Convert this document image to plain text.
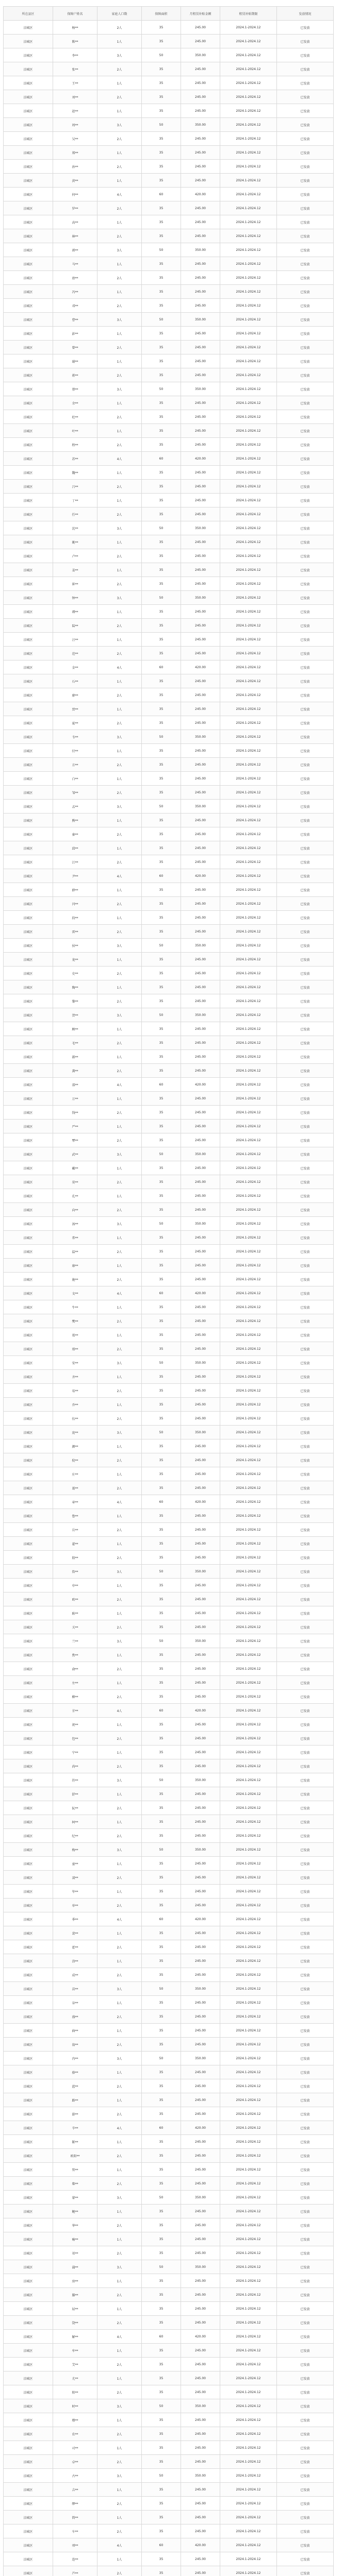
所在县区	保障户姓名	家庭人口数	保障面积	月租赁补贴金额	租赁补贴期限	发放情况
涪城区	杨**	2人	35	245.00	2024.1-2024.12	已发放
涪城区	陈**	1人	35	245.00	2024.1-2024.12	已发放
涪城区	李**	3人	50	350.00	2024.1-2024.12	已发放
涪城区	张**	2人	35	245.00	2024.1-2024.12	已发放
涪城区	王**	1人	35	245.00	2024.1-2024.12	已发放
涪城区	刘**	2人	35	245.00	2024.1-2024.12	已发放
涪城区	赵**	1人	35	245.00	2024.1-2024.12	已发放
涪城区	周**	3人	50	350.00	2024.1-2024.12	已发放
涪城区	吴**	2人	35	245.00	2024.1-2024.12	已发放
涪城区	郑**	1人	35	245.00	2024.1-2024.12	已发放
涪城区	孙**	2人	35	245.00	2024.1-2024.12	已发放
涪城区	黄**	1人	35	245.00	2024.1-2024.12	已发放
涪城区	何**	4人	60	420.00	2024.1-2024.12	已发放
涪城区	罗**	2人	35	245.00	2024.1-2024.12	已发放
涪城区	高**	1人	35	245.00	2024.1-2024.12	已发放
涪城区	林**	2人	35	245.00	2024.1-2024.12	已发放
涪城区	郭**	3人	50	350.00	2024.1-2024.12	已发放
涪城区	马**	1人	35	245.00	2024.1-2024.12	已发放
涪城区	唐**	2人	35	245.00	2024.1-2024.12	已发放
涪城区	冯**	1人	35	245.00	2024.1-2024.12	已发放
涪城区	邓**	2人	35	245.00	2024.1-2024.12	已发放
涪城区	曹**	3人	50	350.00	2024.1-2024.12	已发放
涪城区	彭**	1人	35	245.00	2024.1-2024.12	已发放
涪城区	曾**	2人	35	245.00	2024.1-2024.12	已发放
涪城区	谢**	1人	35	245.00	2024.1-2024.12	已发放
涪城区	蒋**	2人	35	245.00	2024.1-2024.12	已发放
涪城区	蔡**	3人	50	350.00	2024.1-2024.12	已发放
涪城区	余**	1人	35	245.00	2024.1-2024.12	已发放
涪城区	杜**	2人	35	245.00	2024.1-2024.12	已发放
涪城区	叶**	1人	35	245.00	2024.1-2024.12	已发放
涪城区	程**	2人	35	245.00	2024.1-2024.12	已发放
涪城区	苏**	4人	60	420.00	2024.1-2024.12	已发放
涪城区	魏**	1人	35	245.00	2024.1-2024.12	已发放
涪城区	吕**	2人	35	245.00	2024.1-2024.12	已发放
涪城区	丁**	1人	35	245.00	2024.1-2024.12	已发放
涪城区	任**	2人	35	245.00	2024.1-2024.12	已发放
涪城区	沈**	3人	50	350.00	2024.1-2024.12	已发放
涪城区	姚**	1人	35	245.00	2024.1-2024.12	已发放
涪城区	卢**	2人	35	245.00	2024.1-2024.12	已发放
涪城区	姜**	1人	35	245.00	2024.1-2024.12	已发放
涪城区	崔**	2人	35	245.00	2024.1-2024.12	已发放
涪城区	钟**	3人	50	350.00	2024.1-2024.12	已发放
涪城区	谭**	1人	35	245.00	2024.1-2024.12	已发放
涪城区	陆**	2人	35	245.00	2024.1-2024.12	已发放
涪城区	汪**	1人	35	245.00	2024.1-2024.12	已发放
涪城区	范**	2人	35	245.00	2024.1-2024.12	已发放
涪城区	金**	4人	60	420.00	2024.1-2024.12	已发放
涪城区	石**	1人	35	245.00	2024.1-2024.12	已发放
涪城区	廖**	2人	35	245.00	2024.1-2024.12	已发放
涪城区	贾**	1人	35	245.00	2024.1-2024.12	已发放
涪城区	夏**	2人	35	245.00	2024.1-2024.12	已发放
涪城区	韦**	3人	50	350.00	2024.1-2024.12	已发放
涪城区	付**	1人	35	245.00	2024.1-2024.12	已发放
涪城区	方**	2人	35	245.00	2024.1-2024.12	已发放
涪城区	白**	1人	35	245.00	2024.1-2024.12	已发放
涪城区	邹**	2人	35	245.00	2024.1-2024.12	已发放
涪城区	孟**	3人	50	350.00	2024.1-2024.12	已发放
涪城区	熊**	1人	35	245.00	2024.1-2024.12	已发放
涪城区	秦**	2人	35	245.00	2024.1-2024.12	已发放
涪城区	邱**	1人	35	245.00	2024.1-2024.12	已发放
涪城区	江**	2人	35	245.00	2024.1-2024.12	已发放
涪城区	尹**	4人	60	420.00	2024.1-2024.12	已发放
涪城区	薛**	1人	35	245.00	2024.1-2024.12	已发放
涪城区	闫**	2人	35	245.00	2024.1-2024.12	已发放
涪城区	段**	1人	35	245.00	2024.1-2024.12	已发放
涪城区	雷**	2人	35	245.00	2024.1-2024.12	已发放
涪城区	侯**	3人	50	350.00	2024.1-2024.12	已发放
涪城区	龙**	1人	35	245.00	2024.1-2024.12	已发放
涪城区	史**	2人	35	245.00	2024.1-2024.12	已发放
涪城区	陶**	1人	35	245.00	2024.1-2024.12	已发放
涪城区	黎**	2人	35	245.00	2024.1-2024.12	已发放
涪城区	贺**	3人	50	350.00	2024.1-2024.12	已发放
涪城区	顾**	1人	35	245.00	2024.1-2024.12	已发放
涪城区	毛**	2人	35	245.00	2024.1-2024.12	已发放
涪城区	郝**	1人	35	245.00	2024.1-2024.12	已发放
涪城区	龚**	2人	35	245.00	2024.1-2024.12	已发放
涪城区	邵**	4人	60	420.00	2024.1-2024.12	已发放
涪城区	万**	1人	35	245.00	2024.1-2024.12	已发放
涪城区	钱**	2人	35	245.00	2024.1-2024.12	已发放
涪城区	严**	1人	35	245.00	2024.1-2024.12	已发放
涪城区	覃**	2人	35	245.00	2024.1-2024.12	已发放
涪城区	武**	3人	50	350.00	2024.1-2024.12	已发放
涪城区	戴**	1人	35	245.00	2024.1-2024.12	已发放
涪城区	莫**	2人	35	245.00	2024.1-2024.12	已发放
涪城区	孔**	1人	35	245.00	2024.1-2024.12	已发放
涪城区	向**	2人	35	245.00	2024.1-2024.12	已发放
涪城区	汤**	3人	50	350.00	2024.1-2024.12	已发放
涪城区	常**	1人	35	245.00	2024.1-2024.12	已发放
涪城区	温**	2人	35	245.00	2024.1-2024.12	已发放
涪城区	康**	1人	35	245.00	2024.1-2024.12	已发放
涪城区	施**	2人	35	245.00	2024.1-2024.12	已发放
涪城区	文**	4人	60	420.00	2024.1-2024.12	已发放
涪城区	牛**	1人	35	245.00	2024.1-2024.12	已发放
涪城区	樊**	2人	35	245.00	2024.1-2024.12	已发放
涪城区	葛**	1人	35	245.00	2024.1-2024.12	已发放
涪城区	邢**	2人	35	245.00	2024.1-2024.12	已发放
涪城区	安**	3人	50	350.00	2024.1-2024.12	已发放
涪城区	齐**	1人	35	245.00	2024.1-2024.12	已发放
涪城区	易**	2人	35	245.00	2024.1-2024.12	已发放
涪城区	乔**	1人	35	245.00	2024.1-2024.12	已发放
涪城区	伍**	2人	35	245.00	2024.1-2024.12	已发放
涪城区	庞**	3人	50	350.00	2024.1-2024.12	已发放
涪城区	颜**	1人	35	245.00	2024.1-2024.12	已发放
涪城区	倪**	2人	35	245.00	2024.1-2024.12	已发放
涪城区	庄**	1人	35	245.00	2024.1-2024.12	已发放
涪城区	聂**	2人	35	245.00	2024.1-2024.12	已发放
涪城区	章**	4人	60	420.00	2024.1-2024.12	已发放
涪城区	鲁**	1人	35	245.00	2024.1-2024.12	已发放
涪城区	岳**	2人	35	245.00	2024.1-2024.12	已发放
涪城区	翟**	1人	35	245.00	2024.1-2024.12	已发放
涪城区	殷**	2人	35	245.00	2024.1-2024.12	已发放
涪城区	詹**	3人	50	350.00	2024.1-2024.12	已发放
涪城区	申**	1人	35	245.00	2024.1-2024.12	已发放
涪城区	欧**	2人	35	245.00	2024.1-2024.12	已发放
涪城区	耿**	1人	35	245.00	2024.1-2024.12	已发放
涪城区	关**	2人	35	245.00	2024.1-2024.12	已发放
涪城区	兰**	3人	50	350.00	2024.1-2024.12	已发放
涪城区	焦**	1人	35	245.00	2024.1-2024.12	已发放
涪城区	俞**	2人	35	245.00	2024.1-2024.12	已发放
涪城区	左**	1人	35	245.00	2024.1-2024.12	已发放
涪城区	柳**	2人	35	245.00	2024.1-2024.12	已发放
涪城区	甘**	4人	60	420.00	2024.1-2024.12	已发放
涪城区	祝**	1人	35	245.00	2024.1-2024.12	已发放
涪城区	包**	2人	35	245.00	2024.1-2024.12	已发放
涪城区	宁**	1人	35	245.00	2024.1-2024.12	已发放
涪城区	尚**	2人	35	245.00	2024.1-2024.12	已发放
涪城区	符**	3人	50	350.00	2024.1-2024.12	已发放
涪城区	舒**	1人	35	245.00	2024.1-2024.12	已发放
涪城区	阮**	2人	35	245.00	2024.1-2024.12	已发放
涪城区	柯**	1人	35	245.00	2024.1-2024.12	已发放
涪城区	纪**	2人	35	245.00	2024.1-2024.12	已发放
涪城区	梅**	3人	50	350.00	2024.1-2024.12	已发放
涪城区	童**	1人	35	245.00	2024.1-2024.12	已发放
涪城区	凌**	2人	35	245.00	2024.1-2024.12	已发放
涪城区	毕**	1人	35	245.00	2024.1-2024.12	已发放
涪城区	单**	2人	35	245.00	2024.1-2024.12	已发放
涪城区	季**	4人	60	420.00	2024.1-2024.12	已发放
涪城区	裴**	1人	35	245.00	2024.1-2024.12	已发放
涪城区	霍**	2人	35	245.00	2024.1-2024.12	已发放
涪城区	涂**	1人	35	245.00	2024.1-2024.12	已发放
涪城区	成**	2人	35	245.00	2024.1-2024.12	已发放
涪城区	苗**	3人	50	350.00	2024.1-2024.12	已发放
涪城区	谷**	1人	35	245.00	2024.1-2024.12	已发放
涪城区	盛**	2人	35	245.00	2024.1-2024.12	已发放
涪城区	曲**	1人	35	245.00	2024.1-2024.12	已发放
涪城区	翁**	2人	35	245.00	2024.1-2024.12	已发放
涪城区	冉**	3人	50	350.00	2024.1-2024.12	已发放
涪城区	骆**	1人	35	245.00	2024.1-2024.12	已发放
涪城区	蓝**	2人	35	245.00	2024.1-2024.12	已发放
涪城区	路**	1人	35	245.00	2024.1-2024.12	已发放
涪城区	游**	2人	35	245.00	2024.1-2024.12	已发放
涪城区	辛**	4人	60	420.00	2024.1-2024.12	已发放
涪城区	靳**	1人	35	245.00	2024.1-2024.12	已发放
涪城区	欧阳**	2人	35	245.00	2024.1-2024.12	已发放
涪城区	管**	1人	35	245.00	2024.1-2024.12	已发放
涪城区	柴**	2人	35	245.00	2024.1-2024.12	已发放
涪城区	蒙**	3人	50	350.00	2024.1-2024.12	已发放
涪城区	鲍**	1人	35	245.00	2024.1-2024.12	已发放
涪城区	华**	2人	35	245.00	2024.1-2024.12	已发放
涪城区	喻**	1人	35	245.00	2024.1-2024.12	已发放
涪城区	祁**	2人	35	245.00	2024.1-2024.12	已发放
涪城区	蒲**	3人	50	350.00	2024.1-2024.12	已发放
涪城区	房**	1人	35	245.00	2024.1-2024.12	已发放
涪城区	滕**	2人	35	245.00	2024.1-2024.12	已发放
涪城区	屈**	1人	35	245.00	2024.1-2024.12	已发放
涪城区	饶**	2人	35	245.00	2024.1-2024.12	已发放
涪城区	解**	4人	60	420.00	2024.1-2024.12	已发放
涪城区	牟**	1人	35	245.00	2024.1-2024.12	已发放
涪城区	艾**	2人	35	245.00	2024.1-2024.12	已发放
涪城区	尤**	1人	35	245.00	2024.1-2024.12	已发放
涪城区	阳**	2人	35	245.00	2024.1-2024.12	已发放
涪城区	时**	3人	50	350.00	2024.1-2024.12	已发放
涪城区	穆**	1人	35	245.00	2024.1-2024.12	已发放
涪城区	农**	2人	35	245.00	2024.1-2024.12	已发放
涪城区	司**	1人	35	245.00	2024.1-2024.12	已发放
涪城区	卓**	2人	35	245.00	2024.1-2024.12	已发放
涪城区	古**	3人	50	350.00	2024.1-2024.12	已发放
涪城区	吉**	1人	35	245.00	2024.1-2024.12	已发放
涪城区	缪**	2人	35	245.00	2024.1-2024.12	已发放
涪城区	简**	1人	35	245.00	2024.1-2024.12	已发放
涪城区	车**	2人	35	245.00	2024.1-2024.12	已发放
涪城区	项**	4人	60	420.00	2024.1-2024.12	已发放
涪城区	连**	1人	35	245.00	2024.1-2024.12	已发放
涪城区	芦**	2人	35	245.00	2024.1-2024.12	已发放
